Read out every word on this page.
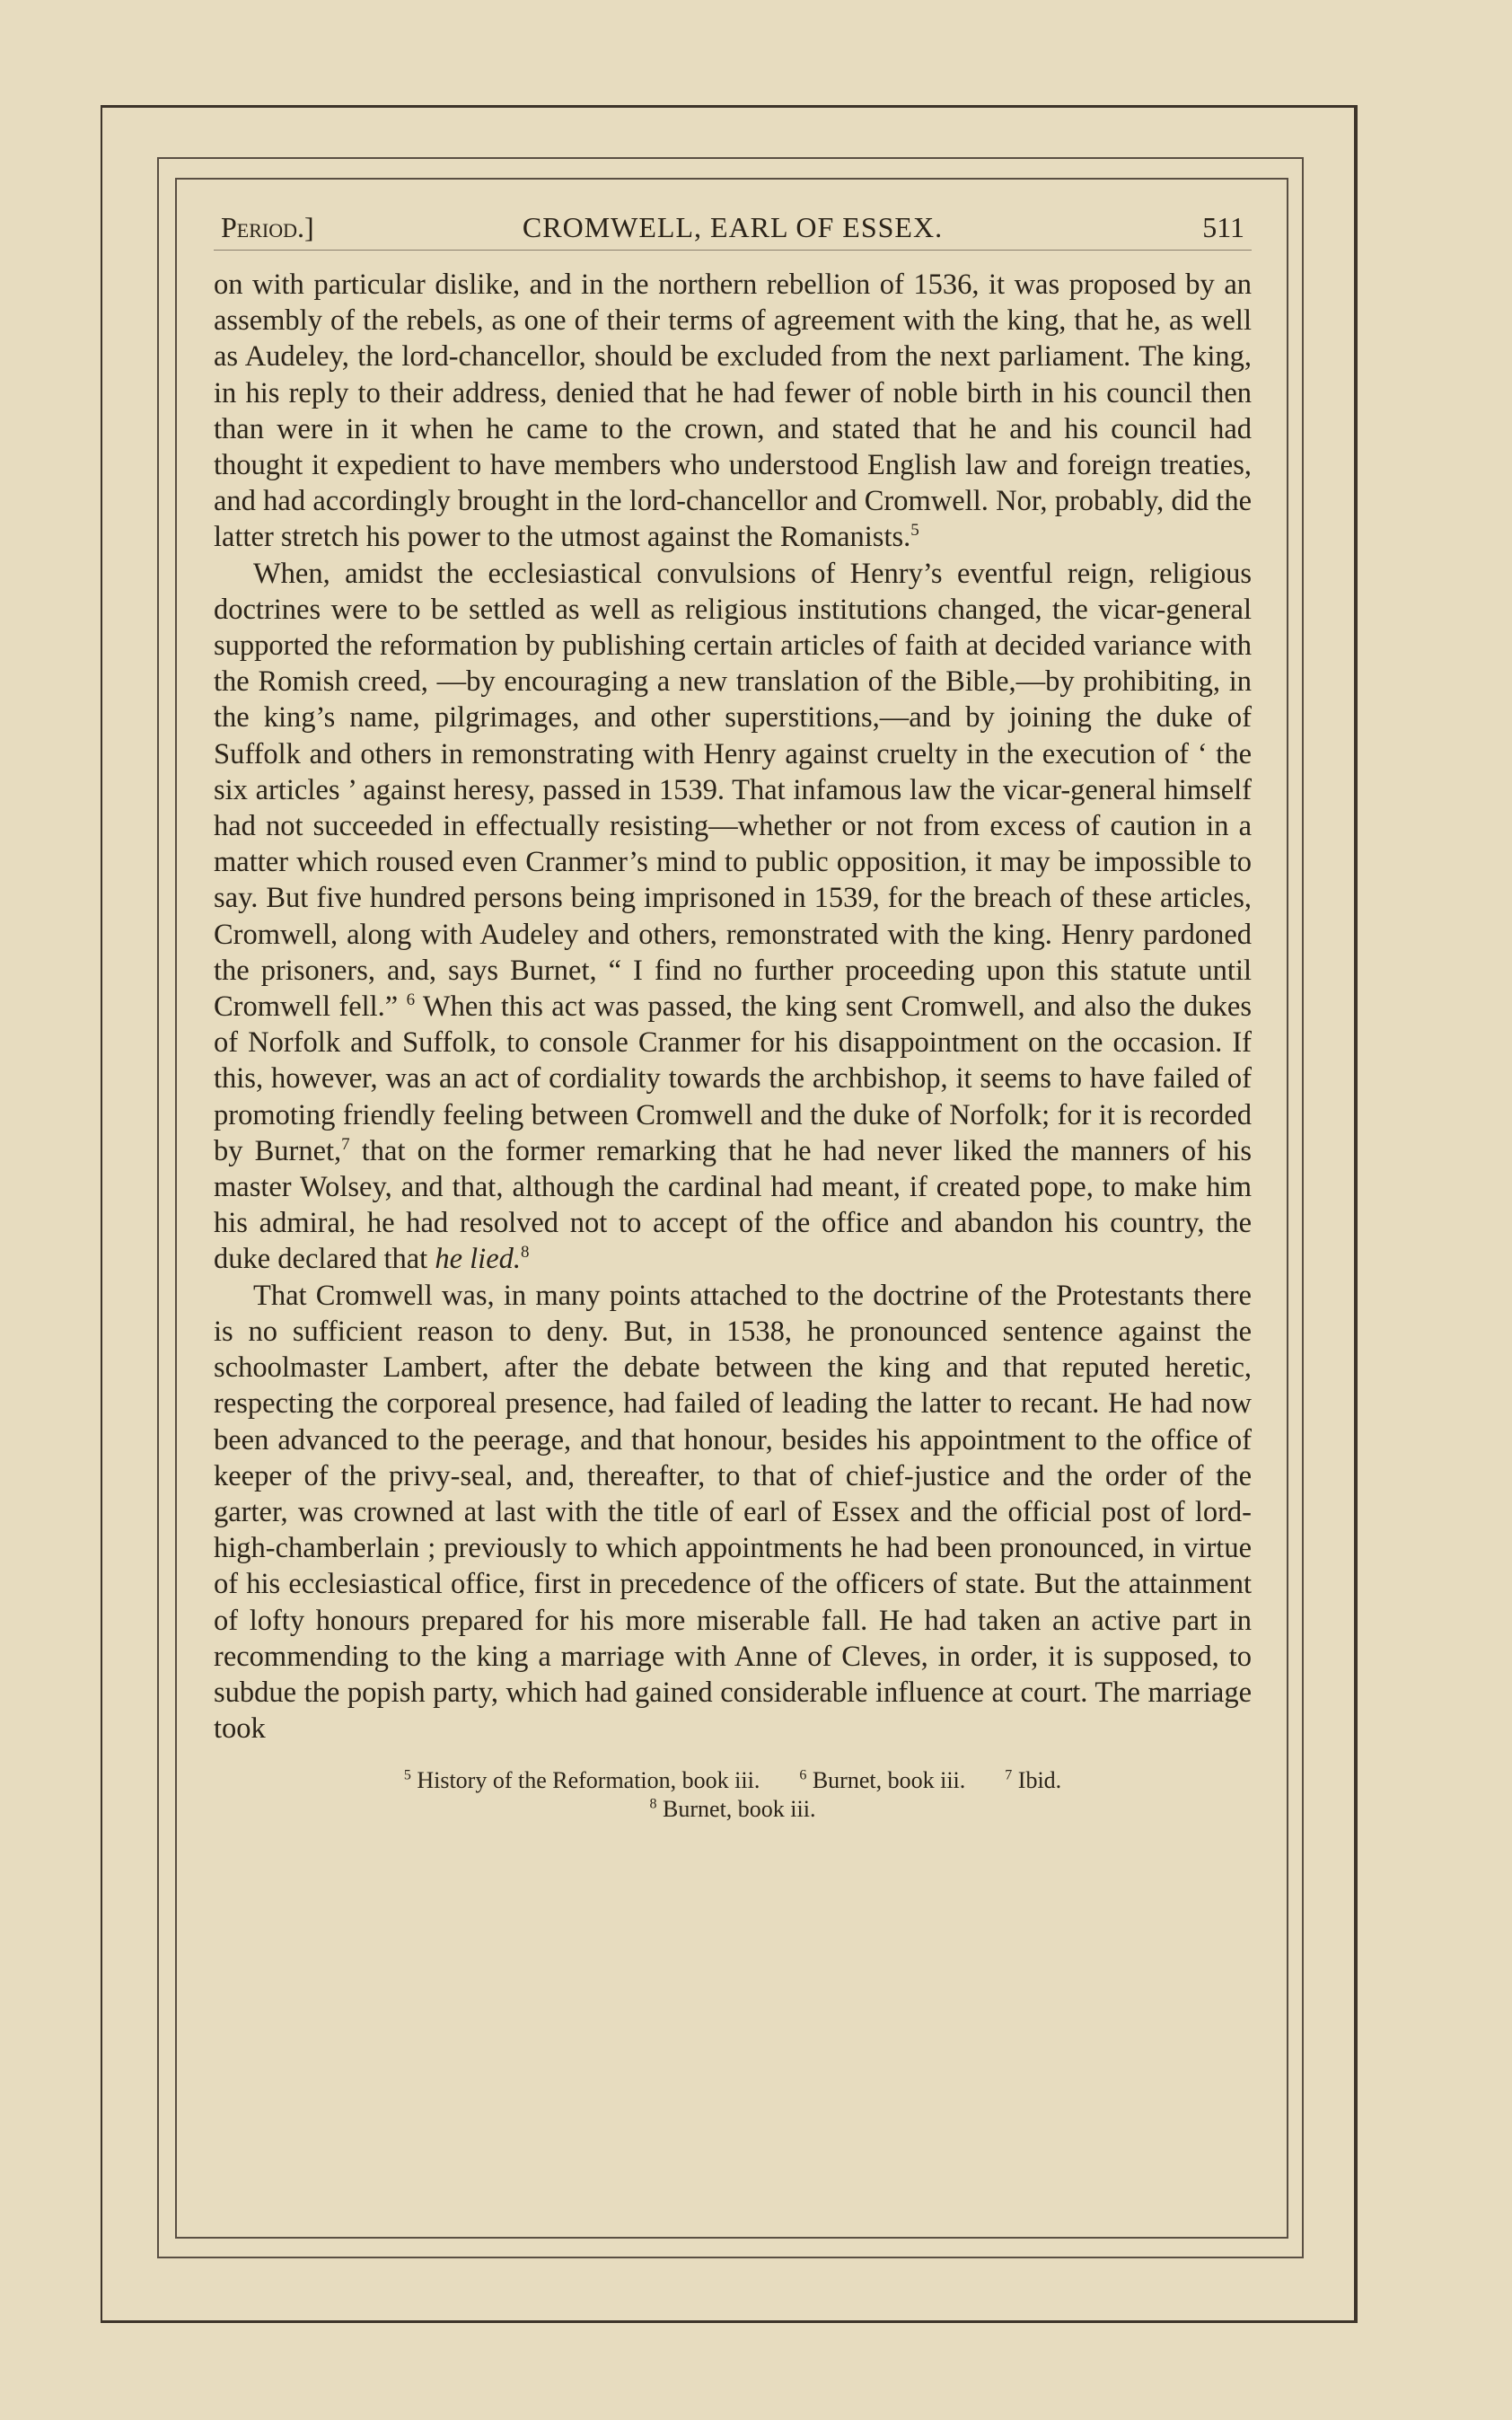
Period.]	CROMWELL, EARL OF ESSEX.	511

on with particular dislike, and in the northern rebellion of 1536, it was proposed by an assembly of the rebels, as one of their terms of agreement with the king, that he, as well as Audeley, the lord-chancellor, should be excluded from the next parliament. The king, in his reply to their address, denied that he had fewer of noble birth in his council then than were in it when he came to the crown, and stated that he and his council had thought it expedient to have members who understood English law and foreign treaties, and had accordingly brought in the lord-chancellor and Cromwell. Nor, probably, did the latter stretch his power to the utmost against the Romanists.$^5$

When, amidst the ecclesiastical convulsions of Henry’s eventful reign, religious doctrines were to be settled as well as religious institutions changed, the vicar-general supported the reformation by publishing certain articles of faith at decided variance with the Romish creed, —by encouraging a new translation of the Bible,—by prohibiting, in the king’s name, pilgrimages, and other superstitions,—and by joining the duke of Suffolk and others in remonstrating with Henry against cruelty in the execution of ‘ the six articles ’ against heresy, passed in 1539. That infamous law the vicar-general himself had not succeeded in effectually resisting—whether or not from excess of caution in a matter which roused even Cranmer’s mind to public opposition, it may be impossible to say. But five hundred persons being imprisoned in 1539, for the breach of these articles, Cromwell, along with Audeley and others, remonstrated with the king. Henry pardoned the prisoners, and, says Burnet, “ I find no further proceeding upon this statute until Cromwell fell.” $^6$ When this act was passed, the king sent Cromwell, and also the dukes of Norfolk and Suffolk, to console Cranmer for his disappointment on the occasion. If this, however, was an act of cordiality towards the archbishop, it seems to have failed of promoting friendly feeling between Cromwell and the duke of Norfolk; for it is recorded by Burnet,$^7$ that on the former remarking that he had never liked the manners of his master Wolsey, and that, although the cardinal had meant, if created pope, to make him his admiral, he had resolved not to accept of the office and abandon his country, the duke declared that he lied.$^8$

That Cromwell was, in many points attached to the doctrine of the Protestants there is no sufficient reason to deny. But, in 1538, he pronounced sentence against the schoolmaster Lambert, after the debate between the king and that reputed heretic, respecting the corporeal presence, had failed of leading the latter to recant. He had now been advanced to the peerage, and that honour, besides his appointment to the office of keeper of the privy-seal, and, thereafter, to that of chief-justice and the order of the garter, was crowned at last with the title of earl of Essex and the official post of lord-high-chamberlain ; previously to which appointments he had been pronounced, in virtue of his ecclesiastical office, first in precedence of the officers of state. But the attainment of lofty honours prepared for his more miserable fall. He had taken an active part in recommending to the king a marriage with Anne of Cleves, in order, it is supposed, to subdue the popish party, which had gained considerable influence at court. The marriage took

$^5$ History of the Reformation, book iii.	$^6$ Burnet, book iii.	$^7$ Ibid.
$^8$ Burnet, book iii.
